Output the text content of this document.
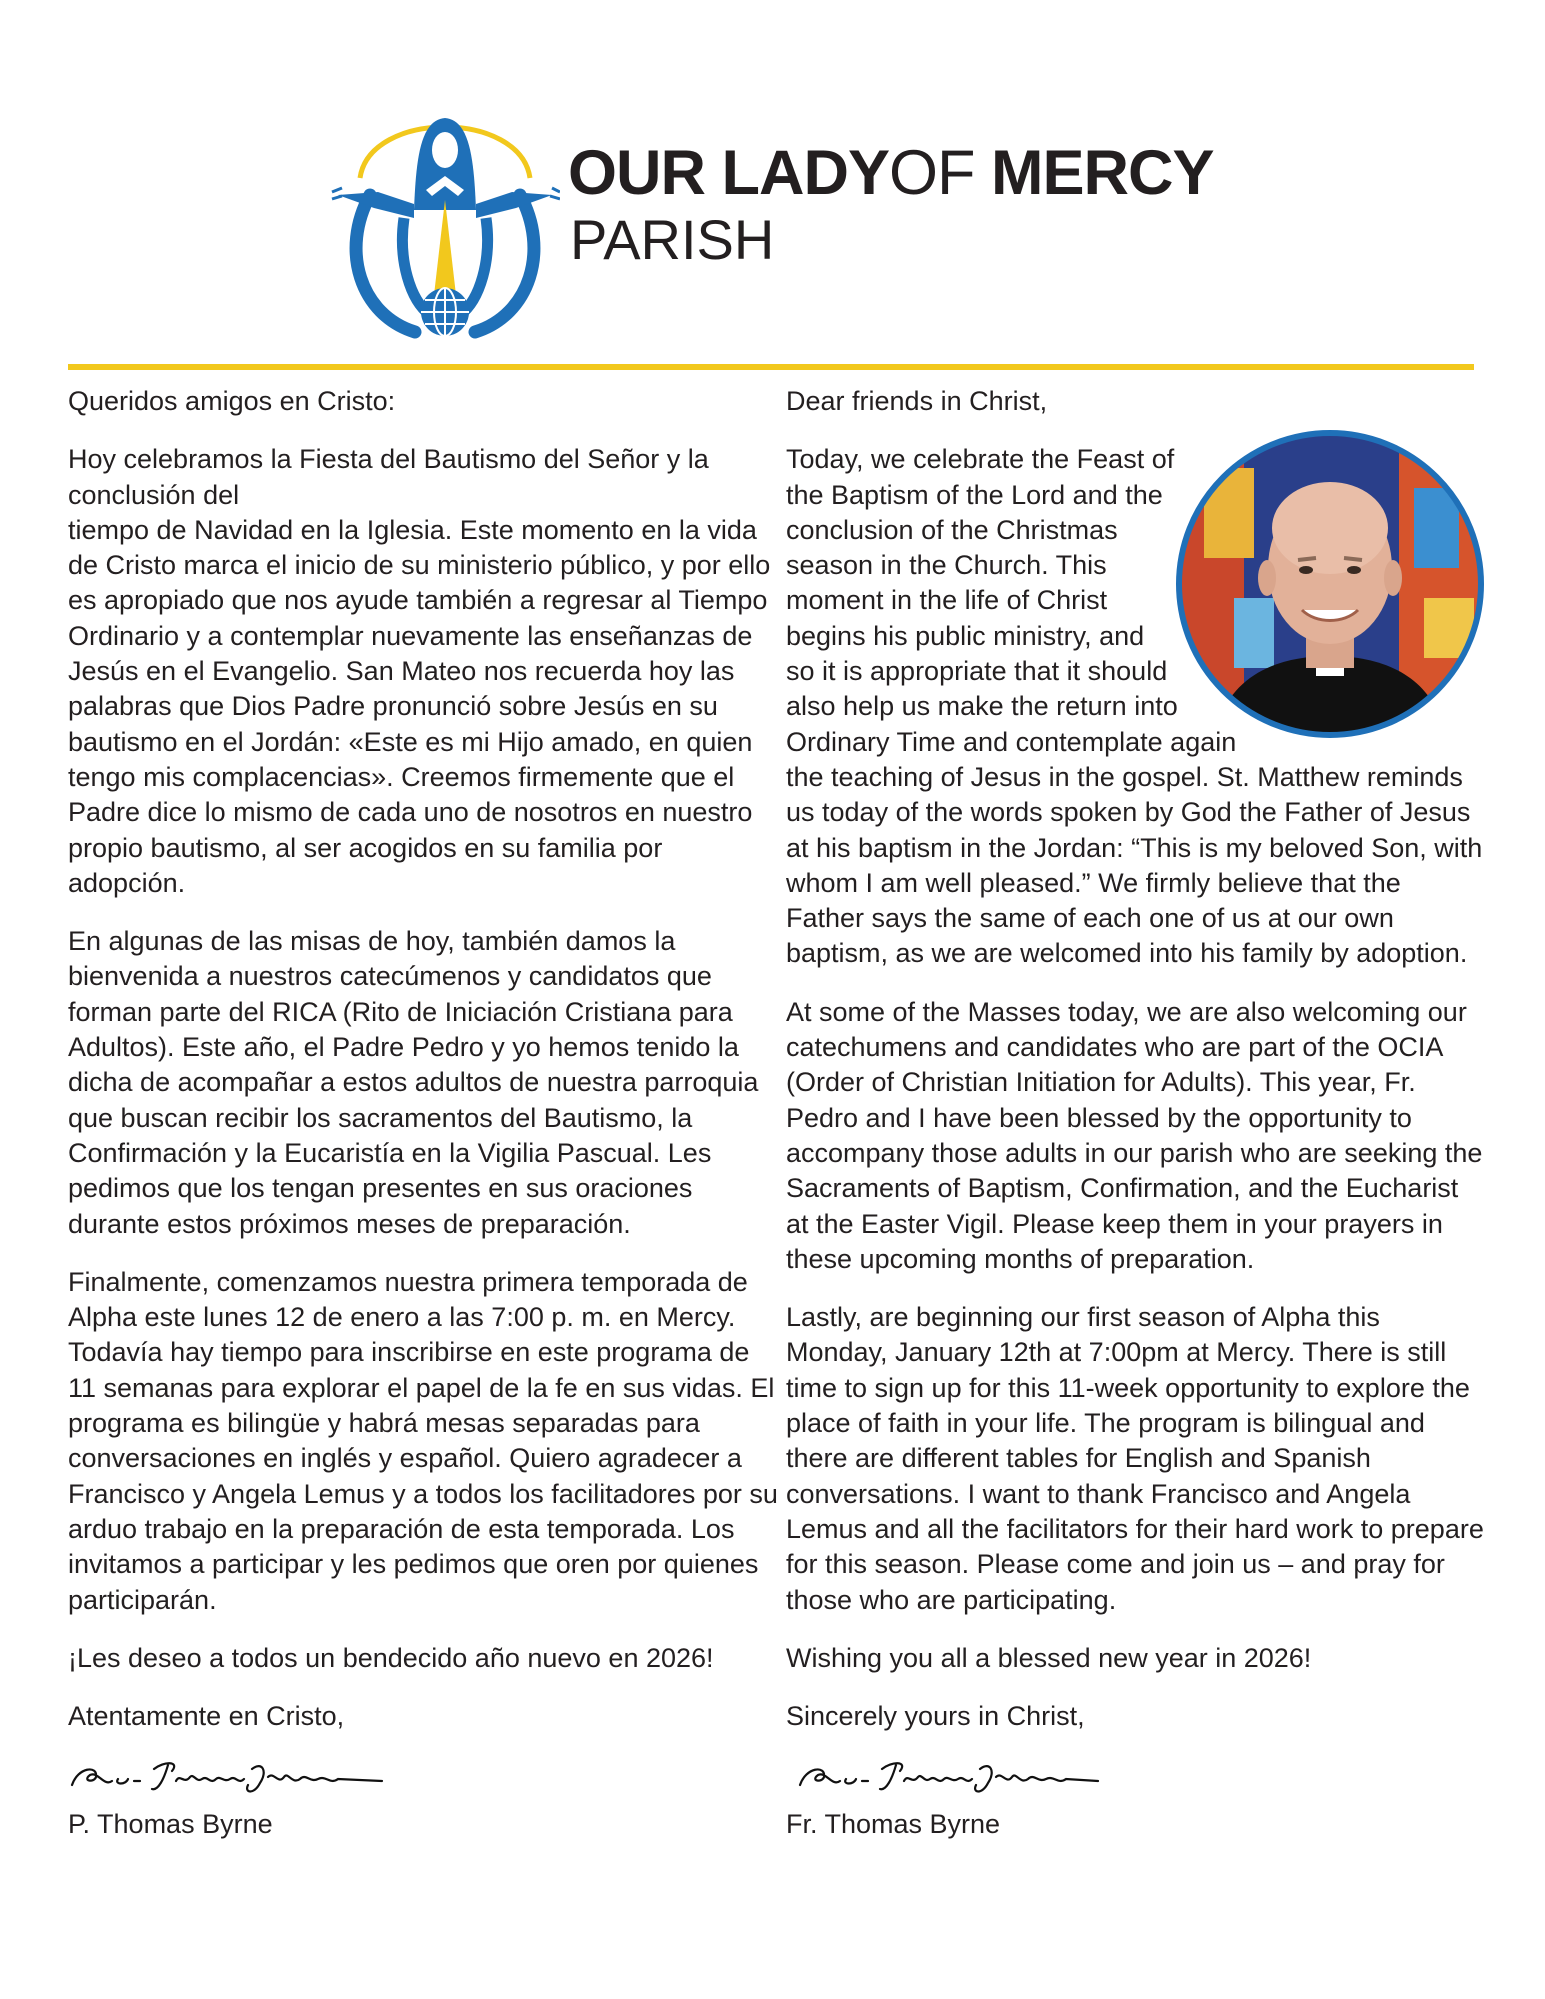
OUR LADYOF MERCY
PARISH

Queridos amigos en Cristo:

Hoy celebramos la Fiesta del Bautismo del Señor y la conclusión del
tiempo de Navidad en la Iglesia. Este momento en la vida de Cristo marca el inicio de su ministerio público, y por ello es apropiado que nos ayude también a regresar al Tiempo Ordinario y a contemplar nuevamente las enseñanzas de Jesús en el Evangelio. San Mateo nos recuerda hoy las palabras que Dios Padre pronunció sobre Jesús en su bautismo en el Jordán: «Este es mi Hijo amado, en quien tengo mis complacencias». Creemos firmemente que el Padre dice lo mismo de cada uno de nosotros en nuestro propio bautismo, al ser acogidos en su familia por adopción.

En algunas de las misas de hoy, también damos la bienvenida a nuestros catecúmenos y candidatos que forman parte del RICA (Rito de Iniciación Cristiana para Adultos). Este año, el Padre Pedro y yo hemos tenido la dicha de acompañar a estos adultos de nuestra parroquia que buscan recibir los sacramentos del Bautismo, la Confirmación y la Eucaristía en la Vigilia Pascual. Les pedimos que los tengan presentes en sus oraciones durante estos próximos meses de preparación.

Finalmente, comenzamos nuestra primera temporada de Alpha este lunes 12 de enero a las 7:00 p. m. en Mercy. Todavía hay tiempo para inscribirse en este programa de 11 semanas para explorar el papel de la fe en sus vidas. El programa es bilingüe y habrá mesas separadas para conversaciones en inglés y español. Quiero agradecer a Francisco y Angela Lemus y a todos los facilitadores por su arduo trabajo en la preparación de esta temporada. Los invitamos a participar y les pedimos que oren por quienes participarán.

¡Les deseo a todos un bendecido año nuevo en 2026!

Atentamente en Cristo,

P. Thomas Byrne

Dear friends in Christ,

Today, we celebrate the Feast of the Baptism of the Lord and the conclusion of the Christmas season in the Church. This moment in the life of Christ begins his public ministry, and so it is appropriate that it should also help us make the return into Ordinary Time and contemplate again the teaching of Jesus in the gospel. St. Matthew reminds us today of the words spoken by God the Father of Jesus at his baptism in the Jordan: “This is my beloved Son, with whom I am well pleased.” We firmly believe that the Father says the same of each one of us at our own baptism, as we are welcomed into his family by adoption.

At some of the Masses today, we are also welcoming our catechumens and candidates who are part of the OCIA (Order of Christian Initiation for Adults). This year, Fr. Pedro and I have been blessed by the opportunity to accompany those adults in our parish who are seeking the Sacraments of Baptism, Confirmation, and the Eucharist at the Easter Vigil. Please keep them in your prayers in these upcoming months of preparation.

Lastly, are beginning our first season of Alpha this Monday, January 12th at 7:00pm at Mercy. There is still time to sign up for this 11-week opportunity to explore the place of faith in your life. The program is bilingual and there are different tables for English and Spanish conversations. I want to thank Francisco and Angela Lemus and all the facilitators for their hard work to prepare for this season. Please come and join us – and pray for those who are participating.

Wishing you all a blessed new year in 2026!

Sincerely yours in Christ,

Fr. Thomas Byrne
